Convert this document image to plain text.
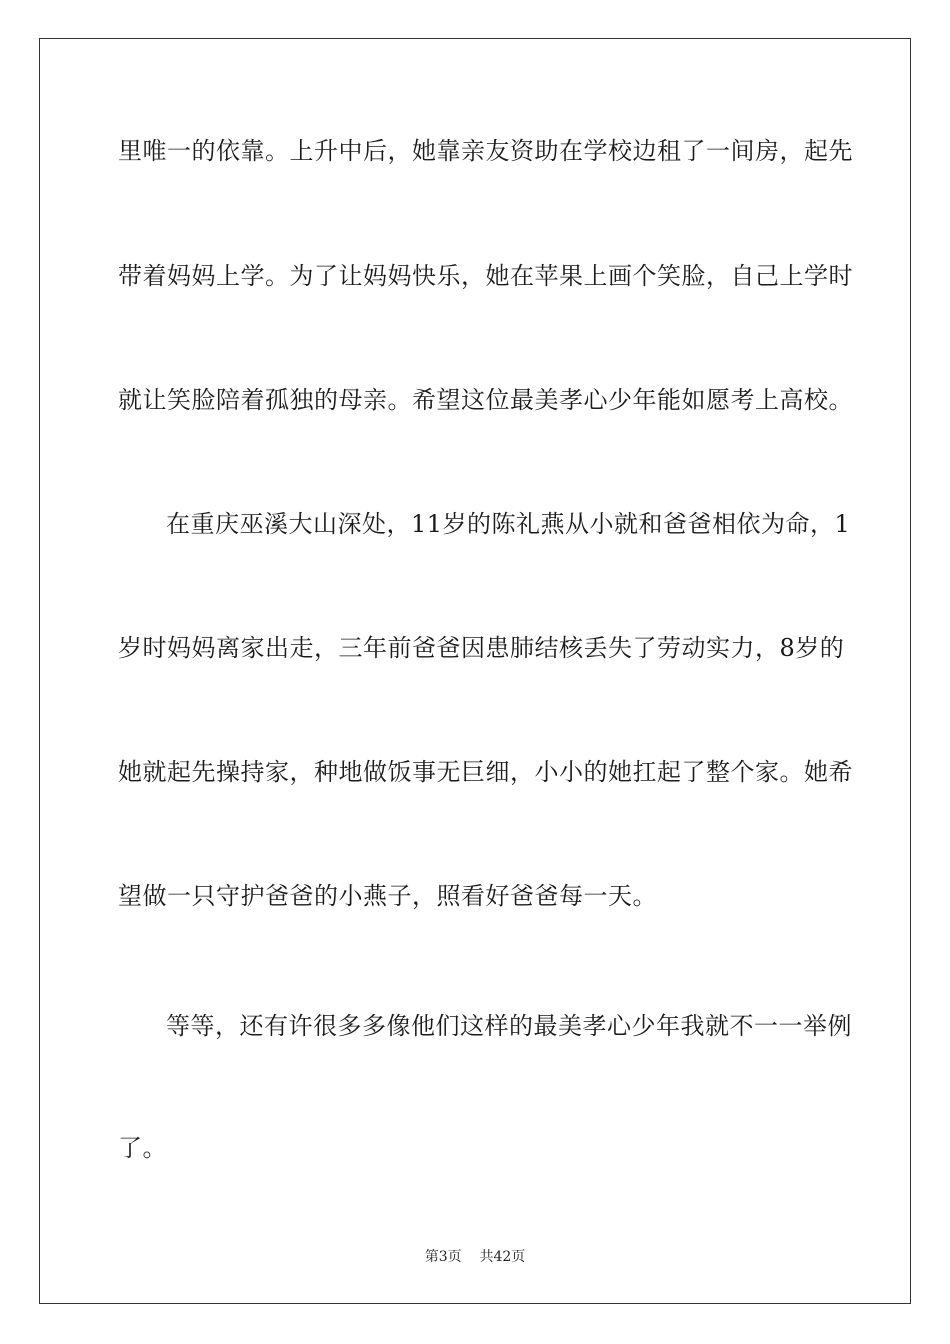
里唯一的依靠。上升中后，她靠亲友资助在学校边租了一间房，起先
带着妈妈上学。为了让妈妈快乐，她在苹果上画个笑脸，自己上学时
就让笑脸陪着孤独的母亲。希望这位最美孝心少年能如愿考上高校。
在重庆巫溪大山深处，11岁的陈礼燕从小就和爸爸相依为命，1
岁时妈妈离家出走，三年前爸爸因患肺结核丢失了劳动实力，8岁的
她就起先操持家，种地做饭事无巨细，小小的她扛起了整个家。她希
望做一只守护爸爸的小燕子，照看好爸爸每一天。
等等，还有许很多多像他们这样的最美孝心少年我就不一一举例
了。
第3页 共42页
